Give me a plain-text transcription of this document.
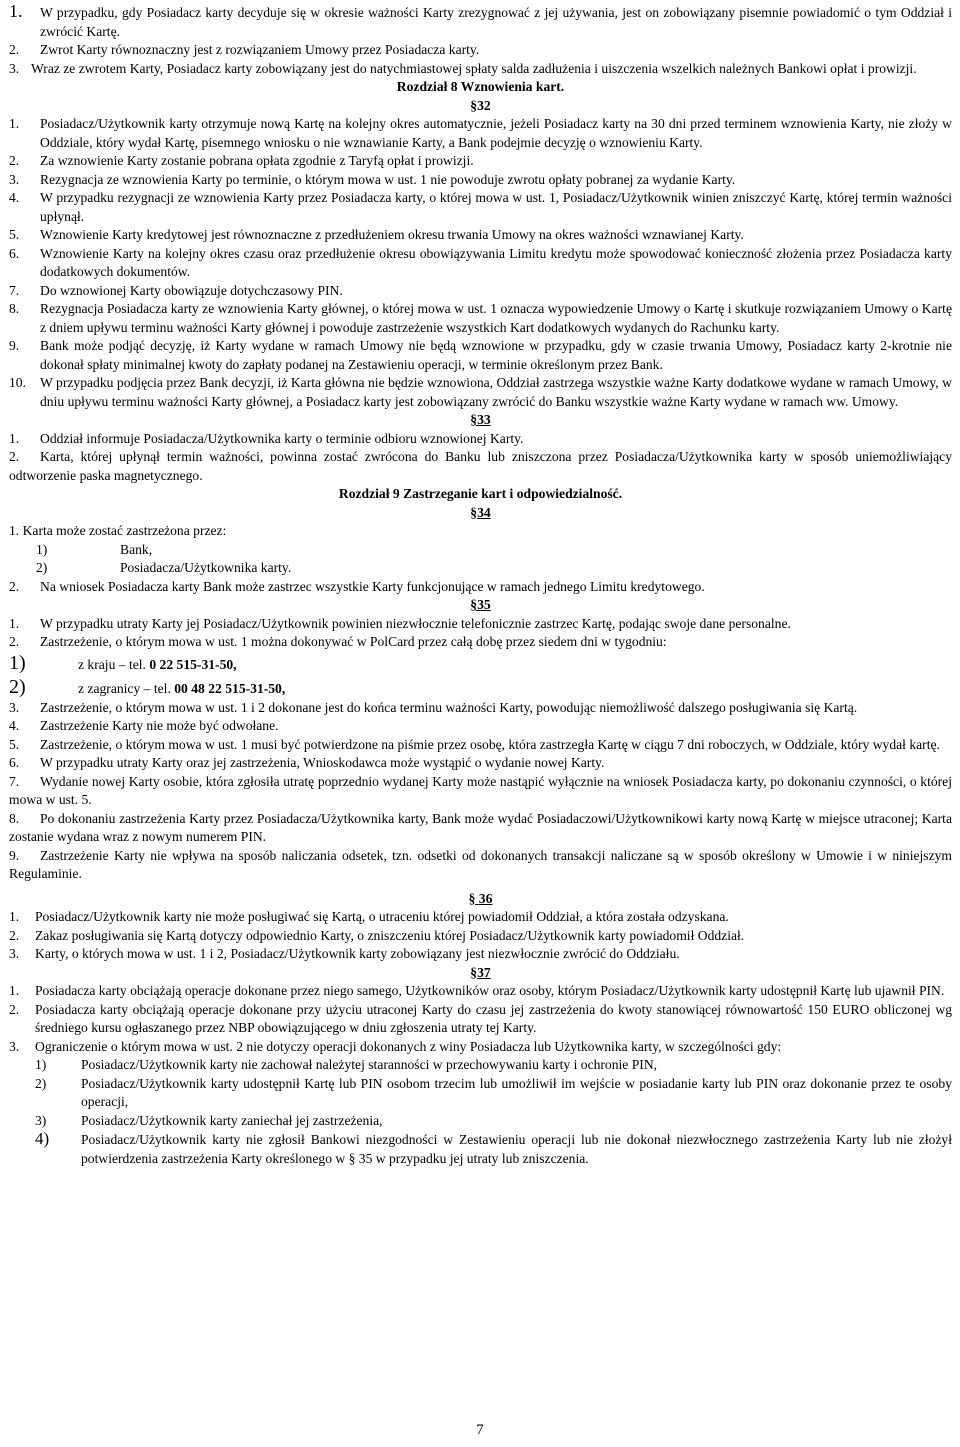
1.	W przypadku, gdy Posiadacz karty decyduje się w okresie ważności Karty zrezygnować z jej używania, jest on zobowiązany pisemnie powiadomić o tym Oddział i zwrócić Kartę.
2.	Zwrot Karty równoznaczny jest z rozwiązaniem Umowy przez Posiadacza karty.
3. Wraz ze zwrotem Karty, Posiadacz karty zobowiązany jest do natychmiastowej spłaty salda zadłużenia i uiszczenia wszelkich należnych Bankowi opłat i prowizji.
Rozdział 8 Wznowienia kart.
§32
1.	Posiadacz/Użytkownik karty otrzymuje nową Kartę na kolejny okres automatycznie, jeżeli Posiadacz karty na 30 dni przed terminem wznowienia Karty, nie złoży w Oddziale, który wydał Kartę, pisemnego wniosku o nie wznawianie Karty, a Bank podejmie decyzję o wznowieniu Karty.
2.	Za wznowienie Karty zostanie pobrana opłata zgodnie z Taryfą opłat i prowizji.
3.	Rezygnacja ze wznowienia Karty po terminie, o którym mowa w ust. 1 nie powoduje zwrotu opłaty pobranej za wydanie Karty.
4.	W przypadku rezygnacji ze wznowienia Karty przez Posiadacza karty, o której mowa w ust. 1, Posiadacz/Użytkownik winien zniszczyć Kartę, której termin ważności upłynął.
5.	Wznowienie Karty kredytowej jest równoznaczne z przedłużeniem okresu trwania Umowy na okres ważności wznawianej Karty.
6.	Wznowienie Karty na kolejny okres czasu oraz przedłużenie okresu obowiązywania Limitu kredytu może spowodować konieczność złożenia przez Posiadacza karty dodatkowych dokumentów.
7.	Do wznowionej Karty obowiązuje dotychczasowy PIN.
8.	Rezygnacja Posiadacza karty ze wznowienia Karty głównej, o której mowa w ust. 1 oznacza wypowiedzenie Umowy o Kartę i skutkuje rozwiązaniem Umowy o Kartę z dniem upływu terminu ważności Karty głównej i powoduje zastrzeżenie wszystkich Kart dodatkowych wydanych do Rachunku karty.
9.	Bank może podjąć decyzję, iż Karty wydane w ramach Umowy nie będą wznowione w przypadku, gdy w czasie trwania Umowy, Posiadacz karty 2-krotnie nie dokonał spłaty minimalnej kwoty do zapłaty podanej na Zestawieniu operacji, w terminie określonym przez Bank.
10.	W przypadku podjęcia przez Bank decyzji, iż Karta główna nie będzie wznowiona, Oddział zastrzega wszystkie ważne Karty dodatkowe wydane w ramach Umowy, w dniu upływu terminu ważności Karty głównej, a Posiadacz karty jest zobowiązany zwrócić do Banku wszystkie ważne Karty wydane w ramach ww. Umowy.
§33
1.	Oddział informuje Posiadacza/Użytkownika karty o terminie odbioru wznowionej Karty.
2. Karta, której upłynął termin ważności, powinna zostać zwrócona do Banku lub zniszczona przez Posiadacza/Użytkownika karty w sposób uniemożliwiający odtworzenie paska magnetycznego.
Rozdział 9 Zastrzeganie kart i odpowiedzialność.
§34
1. Karta może zostać zastrzeżona przez:
1)	Bank,
2)	Posiadacza/Użytkownika karty.
2.	Na wniosek Posiadacza karty Bank może zastrzec wszystkie Karty funkcjonujące w ramach jednego Limitu kredytowego.
§35
1. W przypadku utraty Karty jej Posiadacz/Użytkownik powinien niezwłocznie telefonicznie zastrzec Kartę, podając swoje dane personalne.
2. Zastrzeżenie, o którym mowa w ust. 1 można dokonywać w PolCard przez całą dobę przez siedem dni w tygodniu:
1)	z kraju – tel. 0 22 515-31-50,
2)	z zagranicy – tel. 00 48 22 515-31-50,
3. Zastrzeżenie, o którym mowa w ust. 1 i 2 dokonane jest do końca terminu ważności Karty, powodując niemożliwość dalszego posługiwania się Kartą.
4. Zastrzeżenie Karty nie może być odwołane.
5. Zastrzeżenie, o którym mowa w ust. 1 musi być potwierdzone na piśmie przez osobę, która zastrzegła Kartę w ciągu 7 dni roboczych, w Oddziale, który wydał kartę.
6. W przypadku utraty Karty oraz jej zastrzeżenia, Wnioskodawca może wystąpić o wydanie nowej Karty.
7. Wydanie nowej Karty osobie, która zgłosiła utratę poprzednio wydanej Karty może nastąpić wyłącznie na wniosek Posiadacza karty, po dokonaniu czynności, o której mowa w ust. 5.
8. Po dokonaniu zastrzeżenia Karty przez Posiadacza/Użytkownika karty, Bank może wydać Posiadaczowi/Użytkownikowi karty nową Kartę w miejsce utraconej; Karta zostanie wydana wraz z nowym numerem PIN.
9. Zastrzeżenie Karty nie wpływa na sposób naliczania odsetek, tzn. odsetki od dokonanych transakcji naliczane są w sposób określony w Umowie i w niniejszym Regulaminie.
§ 36
1.	Posiadacz/Użytkownik karty nie może posługiwać się Kartą, o utraceniu której powiadomił Oddział, a która została odzyskana.
2.	Zakaz posługiwania się Kartą dotyczy odpowiednio Karty, o zniszczeniu której Posiadacz/Użytkownik karty powiadomił Oddział.
3.	Karty, o których mowa w ust. 1 i 2, Posiadacz/Użytkownik karty zobowiązany jest niezwłocznie zwrócić do Oddziału.
§37
1.	Posiadacza karty obciążają operacje dokonane przez niego samego, Użytkowników oraz osoby, którym Posiadacz/Użytkownik karty udostępnił Kartę lub ujawnił PIN.
2.	Posiadacza karty obciążają operacje dokonane przy użyciu utraconej Karty do czasu jej zastrzeżenia do kwoty stanowiącej równowartość 150 EURO obliczonej wg średniego kursu ogłaszanego przez NBP obowiązującego w dniu zgłoszenia utraty tej Karty.
3.	Ograniczenie o którym mowa w ust. 2 nie dotyczy operacji dokonanych z winy Posiadacza lub Użytkownika karty, w szczególności gdy:
1)	Posiadacz/Użytkownik karty nie zachował należytej staranności w przechowywaniu karty i ochronie PIN,
2)	Posiadacz/Użytkownik karty udostępnił Kartę lub PIN osobom trzecim lub umożliwił im wejście w posiadanie karty lub PIN oraz dokonanie przez te osoby operacji,
3)	Posiadacz/Użytkownik karty zaniechał jej zastrzeżenia,
4)	Posiadacz/Użytkownik karty nie zgłosił Bankowi niezgodności w Zestawieniu operacji lub nie dokonał niezwłocznego zastrzeżenia Karty lub nie złożył potwierdzenia zastrzeżenia Karty określonego w § 35 w przypadku jej utraty lub zniszczenia.
7
